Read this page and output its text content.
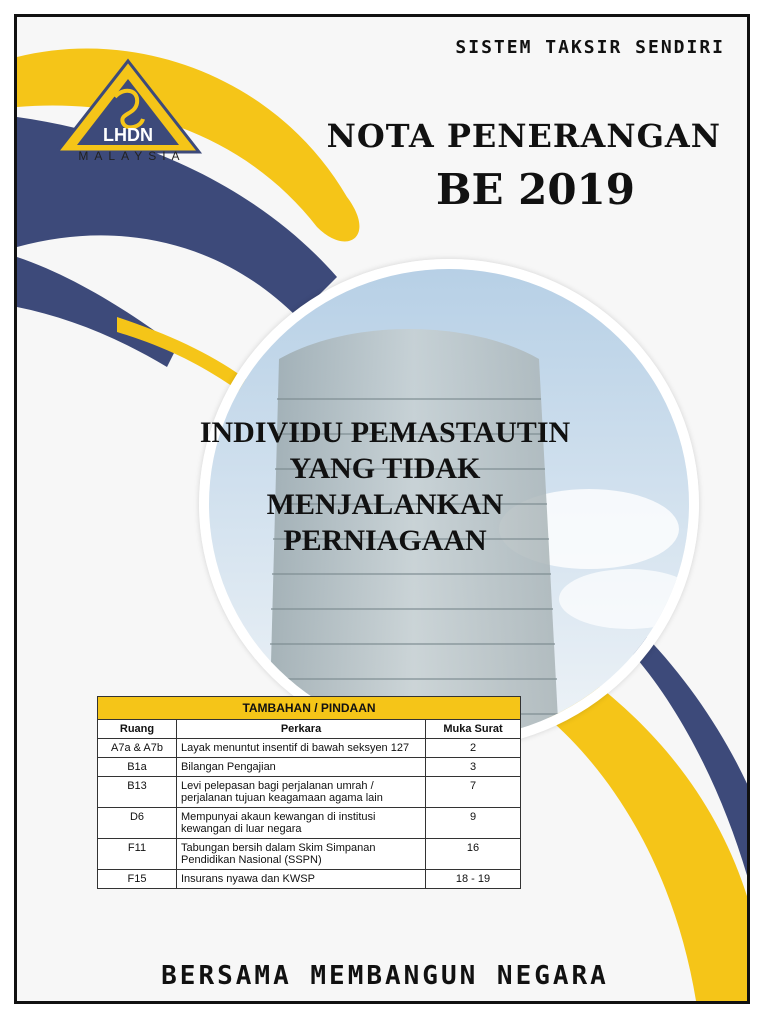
LHDN
MALAYSIA
SISTEM TAKSIR SENDIRI
NOTA PENERANGAN
BE 2019
INDIVIDU PEMASTAUTIN
YANG TIDAK
MENJALANKAN
PERNIAGAAN
TAMBAHAN / PINDAAN		
Ruang	Perkara	Muka Surat
A7a & A7b	Layak menuntut insentif di bawah seksyen 127	2
B1a	Bilangan Pengajian	3
B13	Levi pelepasan bagi perjalanan umrah / perjalanan tujuan keagamaan agama lain	7
D6	Mempunyai akaun kewangan di institusi kewangan di luar negara	9
F11	Tabungan bersih dalam Skim Simpanan Pendidikan Nasional (SSPN)	16
F15	Insurans nyawa dan KWSP	18 - 19
BERSAMA MEMBANGUN NEGARA
